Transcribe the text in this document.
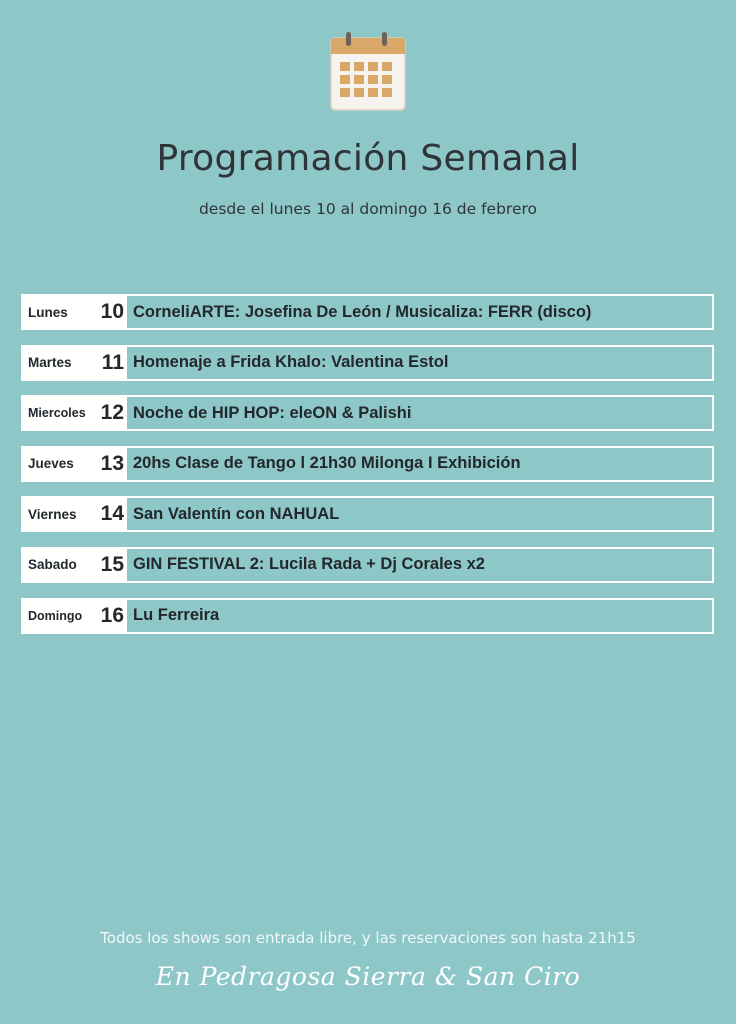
Programación Semanal
desde el lunes 10 al domingo 16 de febrero
Lunes 10 CorneliARTE: Josefina De León / Musicaliza: FERR (disco)
Martes 11 Homenaje a Frida Khalo: Valentina Estol
Miercoles 12 Noche de HIP HOP: eleON & Palishi
Jueves 13 20hs Clase de Tango l 21h30 Milonga I Exhibición
Viernes 14 San Valentín con NAHUAL
Sabado 15 GIN FESTIVAL 2: Lucila Rada + Dj Corales x2
Domingo 16 Lu Ferreira
Todos los shows son entrada libre, y las reservaciones son hasta 21h15
En Pedragosa Sierra & San Ciro
